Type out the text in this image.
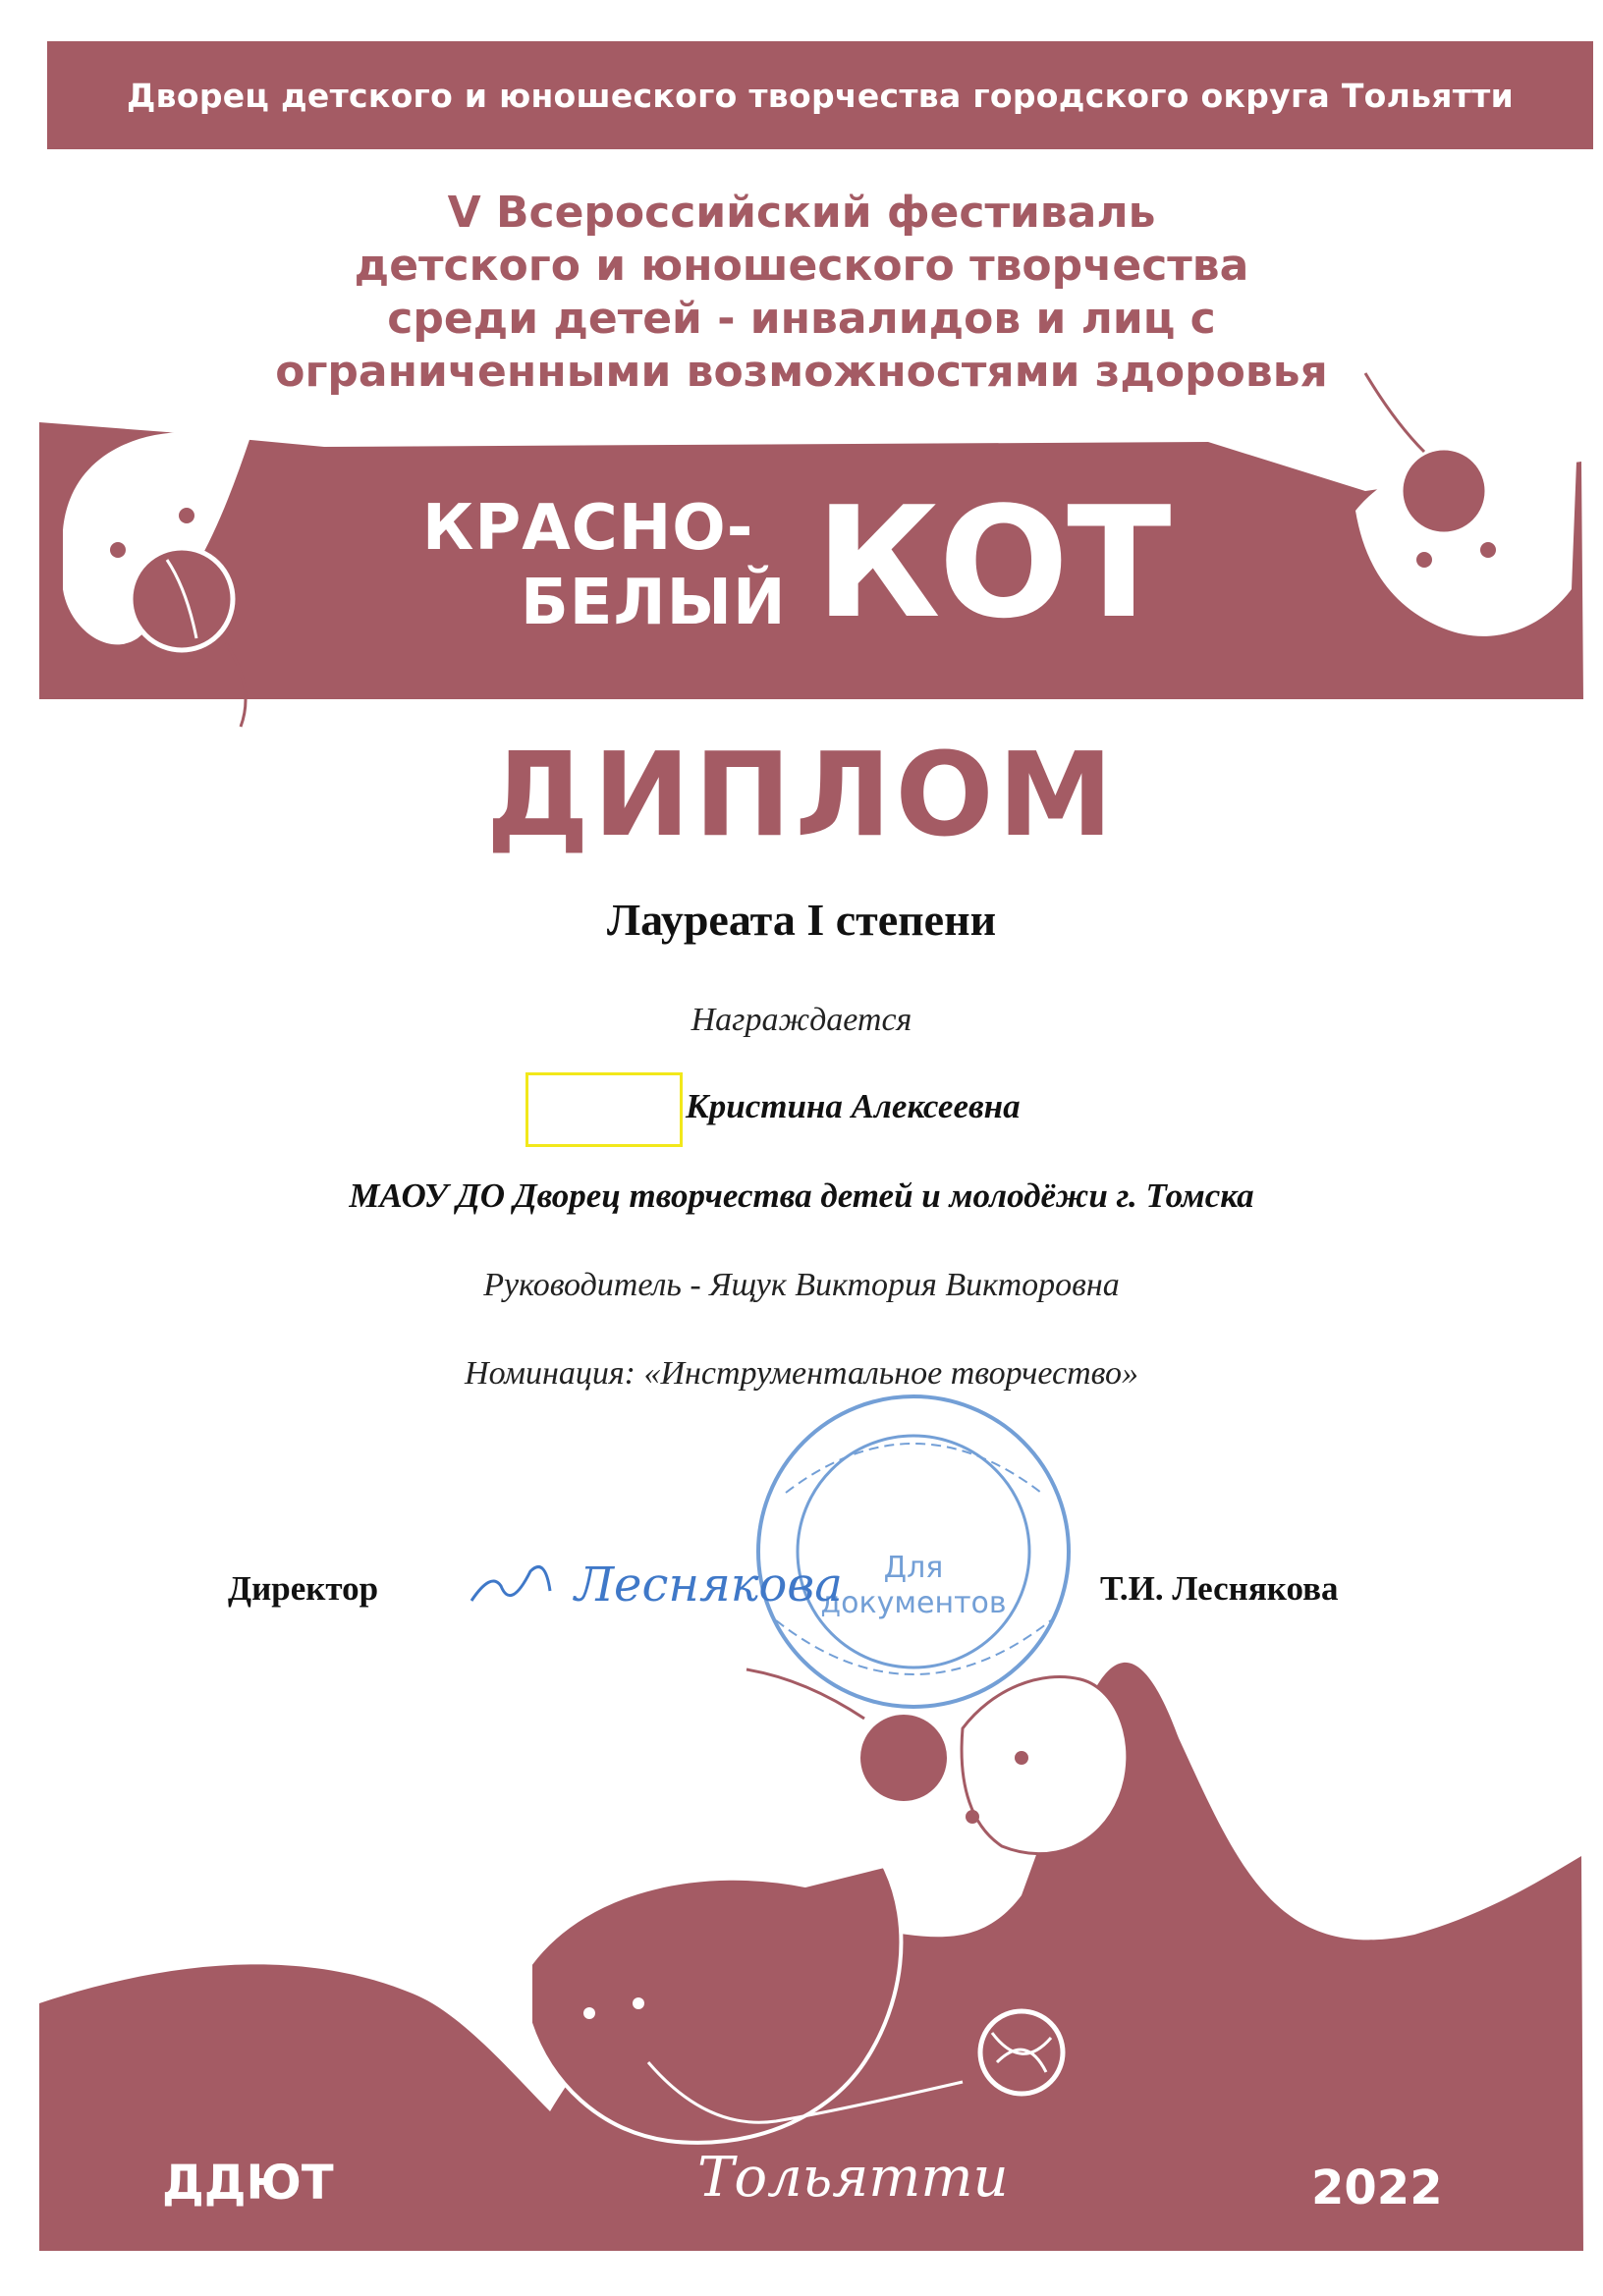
Дворец детского и юношеского творчества городского округа Тольятти
V Всероссийский фестиваль
детского и юношеского творчества
среди детей - инвалидов и лиц с
ограниченными возможностями здоровья
КРАСНО-
БЕЛЫЙ КОТ
ДИПЛОМ
Лауреата I степени
Награждается
Кристина Алексеевна
МАОУ ДО Дворец творчества детей и молодёжи г. Томска
Руководитель - Ящук Виктория Викторовна
Номинация: «Инструментальное творчество»
Директор	Т.И. Леснякова
Для
документов
Леснякова
ДДЮТ	Тольятти	2022
